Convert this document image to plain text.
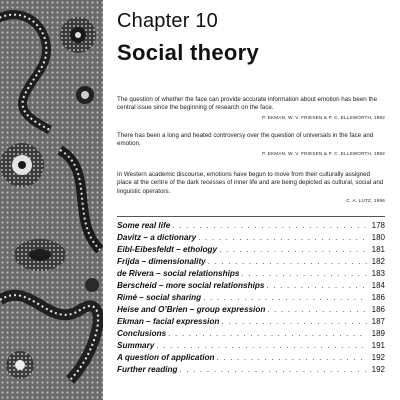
Chapter 10
Social theory

The question of whether the face can provide accurate information about emotion has been the central issue since the beginning of research on the face.

P. EKMAN, W. V. FRIESEN & P. C. ELLSWORTH, 1982

There has been a long and heated controversy over the question of universals in the face and emotion.

P. EKMAN, W. V. FRIESEN & P. C. ELLSWORTH, 1982

In Western academic discourse, emotions have begun to move from their culturally assigned place at the centre of the dark recesses of inner life and are being depicted as cultural, social and linguistic operators.

C. A. LUTZ, 1996

Some real life . . .	178
Davitz – a dictionary . . .	180
Eibl-Eibesfeldt – ethology . . .	181
Frijda – dimensionality . . .	182
de Rivera – social relationships . . .	183
Berscheid – more social relationships . . .	184
Rimé – social sharing . . .	186
Heise and O’Brien – group expression . . .	186
Ekman – facial expression . . .	187
Conclusions . . .	189
Summary . . .	191
A question of application . . .	192
Further reading . . .	192
